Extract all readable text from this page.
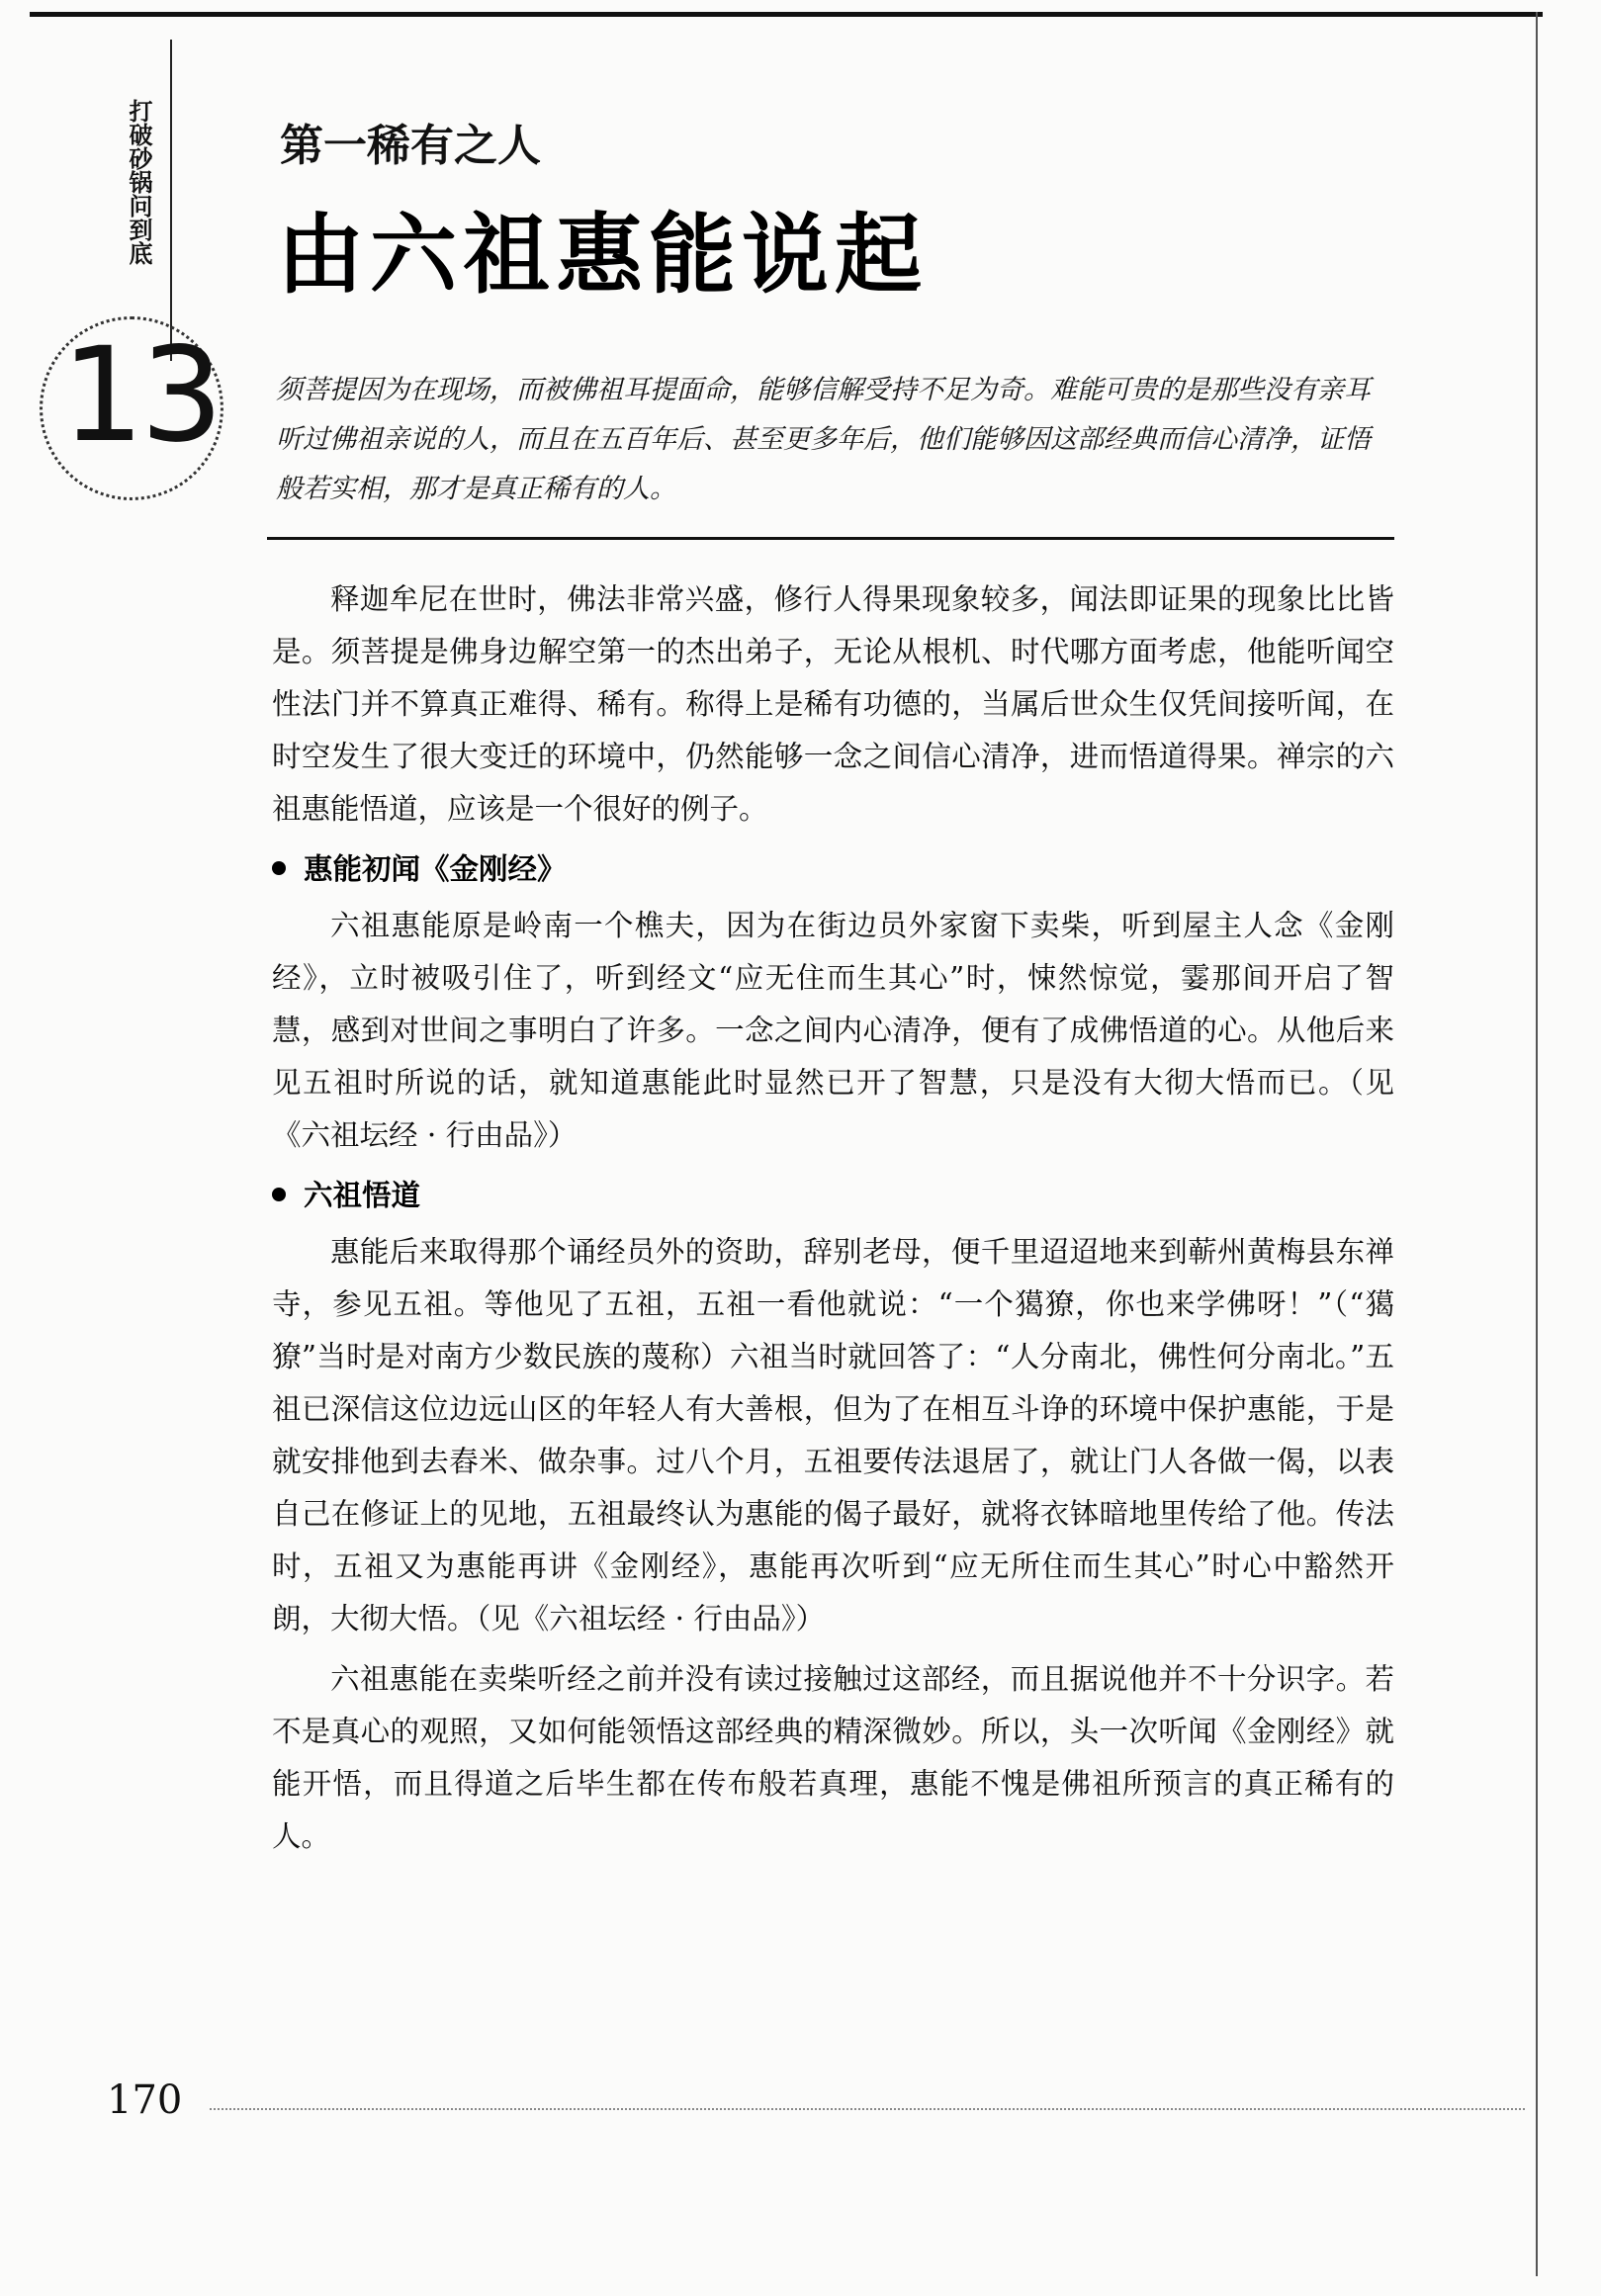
打破砂锅问到底
13
第一稀有之人
由六祖惠能说起

须菩提因为在现场，而被佛祖耳提面命，能够信解受持不足为奇。难能可贵的是那些没有亲耳听过佛祖亲说的人，而且在五百年后、甚至更多年后，他们能够因这部经典而信心清净，证悟般若实相，那才是真正稀有的人。

释迦牟尼在世时，佛法非常兴盛，修行人得果现象较多，闻法即证果的现象比比皆是。须菩提是佛身边解空第一的杰出弟子，无论从根机、时代哪方面考虑，他能听闻空性法门并不算真正难得、稀有。称得上是稀有功德的，当属后世众生仅凭间接听闻，在时空发生了很大变迁的环境中，仍然能够一念之间信心清净，进而悟道得果。禅宗的六祖惠能悟道，应该是一个很好的例子。

惠能初闻《金刚经》

六祖惠能原是岭南一个樵夫，因为在街边员外家窗下卖柴，听到屋主人念《金刚经》，立时被吸引住了，听到经文“应无住而生其心”时，悚然惊觉，霎那间开启了智慧，感到对世间之事明白了许多。一念之间内心清净，便有了成佛悟道的心。从他后来见五祖时所说的话，就知道惠能此时显然已开了智慧，只是没有大彻大悟而已。（见《六祖坛经 · 行由品》）

六祖悟道

惠能后来取得那个诵经员外的资助，辞别老母，便千里迢迢地来到蕲州黄梅县东禅寺，参见五祖。等他见了五祖，五祖一看他就说：“一个獦獠，你也来学佛呀！”（“獦獠”当时是对南方少数民族的蔑称）六祖当时就回答了：“人分南北，佛性何分南北。”五祖已深信这位边远山区的年轻人有大善根，但为了在相互斗诤的环境中保护惠能，于是就安排他到去舂米、做杂事。过八个月，五祖要传法退居了，就让门人各做一偈，以表自己在修证上的见地，五祖最终认为惠能的偈子最好，就将衣钵暗地里传给了他。传法时，五祖又为惠能再讲《金刚经》，惠能再次听到“应无所住而生其心”时心中豁然开朗，大彻大悟。（见《六祖坛经 · 行由品》）

六祖惠能在卖柴听经之前并没有读过接触过这部经，而且据说他并不十分识字。若不是真心的观照，又如何能领悟这部经典的精深微妙。所以，头一次听闻《金刚经》就能开悟，而且得道之后毕生都在传布般若真理，惠能不愧是佛祖所预言的真正稀有的人。

170
